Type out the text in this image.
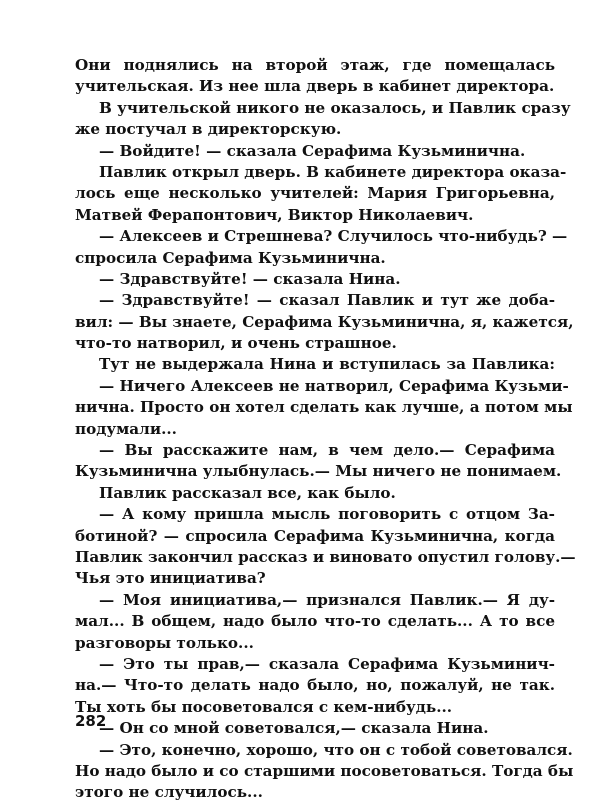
Они поднялись на второй этаж, где помещалась
учительская. Из нее шла дверь в кабинет директора.
В учительской никого не оказалось, и Павлик сразу
же постучал в директорскую.
— Войдите! — сказала Серафима Кузьминична.
Павлик открыл дверь. В кабинете директора оказа-
лось еще несколько учителей: Мария Григорьевна,
Матвей Ферапонтович, Виктор Николаевич.
— Алексеев и Стрешнева? Случилось что-нибудь? —
спросила Серафима Кузьминична.
— Здравствуйте! — сказала Нина.
— Здравствуйте! — сказал Павлик и тут же доба-
вил: — Вы знаете, Серафима Кузьминична, я, кажется,
что-то натворил, и очень страшное.
Тут не выдержала Нина и вступилась за Павлика:
— Ничего Алексеев не натворил, Серафима Кузьми-
нична. Просто он хотел сделать как лучше, а потом мы
подумали...
— Вы расскажите нам, в чем дело.— Серафима
Кузьминична улыбнулась.— Мы ничего не понимаем.
Павлик рассказал все, как было.
— А кому пришла мысль поговорить с отцом За-
ботиной? — спросила Серафима Кузьминична, когда
Павлик закончил рассказ и виновато опустил голову.—
Чья это инициатива?
— Моя инициатива,— признался Павлик.— Я ду-
мал... В общем, надо было что-то сделать... А то все
разговоры только...
— Это ты прав,— сказала Серафима Кузьминич-
на.— Что-то делать надо было, но, пожалуй, не так.
Ты хоть бы посоветовался с кем-нибудь...
— Он со мной советовался,— сказала Нина.
— Это, конечно, хорошо, что он с тобой советовался.
Но надо было и со старшими посоветоваться. Тогда бы
этого не случилось...
282
